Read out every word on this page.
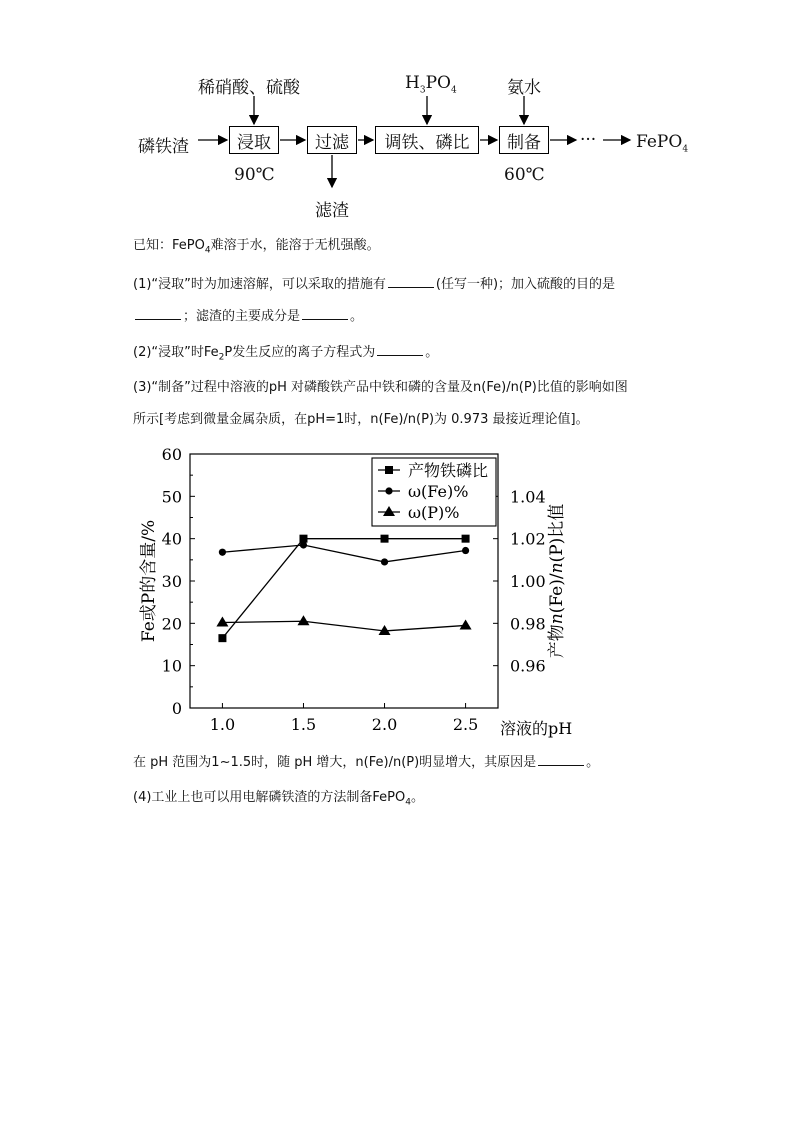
稀硝酸、硫酸	$H_3PO_4$	氨水
磷铁渣	浸取	过滤	调铁、磷比	制备	··· FePO$_4$
90℃	60℃
滤渣
已知：FePO$_4$难溶于水，能溶于无机强酸。
(1)“浸取”时为加速溶解，可以采取的措施有	(任写一种)；加入硫酸的目的是
；滤渣的主要成分是	。
(2)“浸取”时$Fe_2P$发生反应的离子方程式为	。
(3)“制备”过程中溶液的pH 对磷酸铁产品中铁和磷的含量及n(Fe)/n(P)比值的影响如图
所示[考虑到微量金属杂质，在pH=1时，n(Fe)/n(P)为 0.973 最接近理论值]。
0
10
20
30
40
50
60
0.96
0.98
1.00
1.02
1.04
1.0	1.5	2.0	2.5 溶液的pH
Fe或P的含量/%	产物n(Fe)/n(P)比值
产物铁磷比
ω(Fe)%
ω(P)%
在 pH 范围为1~1.5时，随 pH 增大，n(Fe)/n(P)明显增大，其原因是	。
(4)工业上也可以用电解磷铁渣的方法制备FePO$_4$。
